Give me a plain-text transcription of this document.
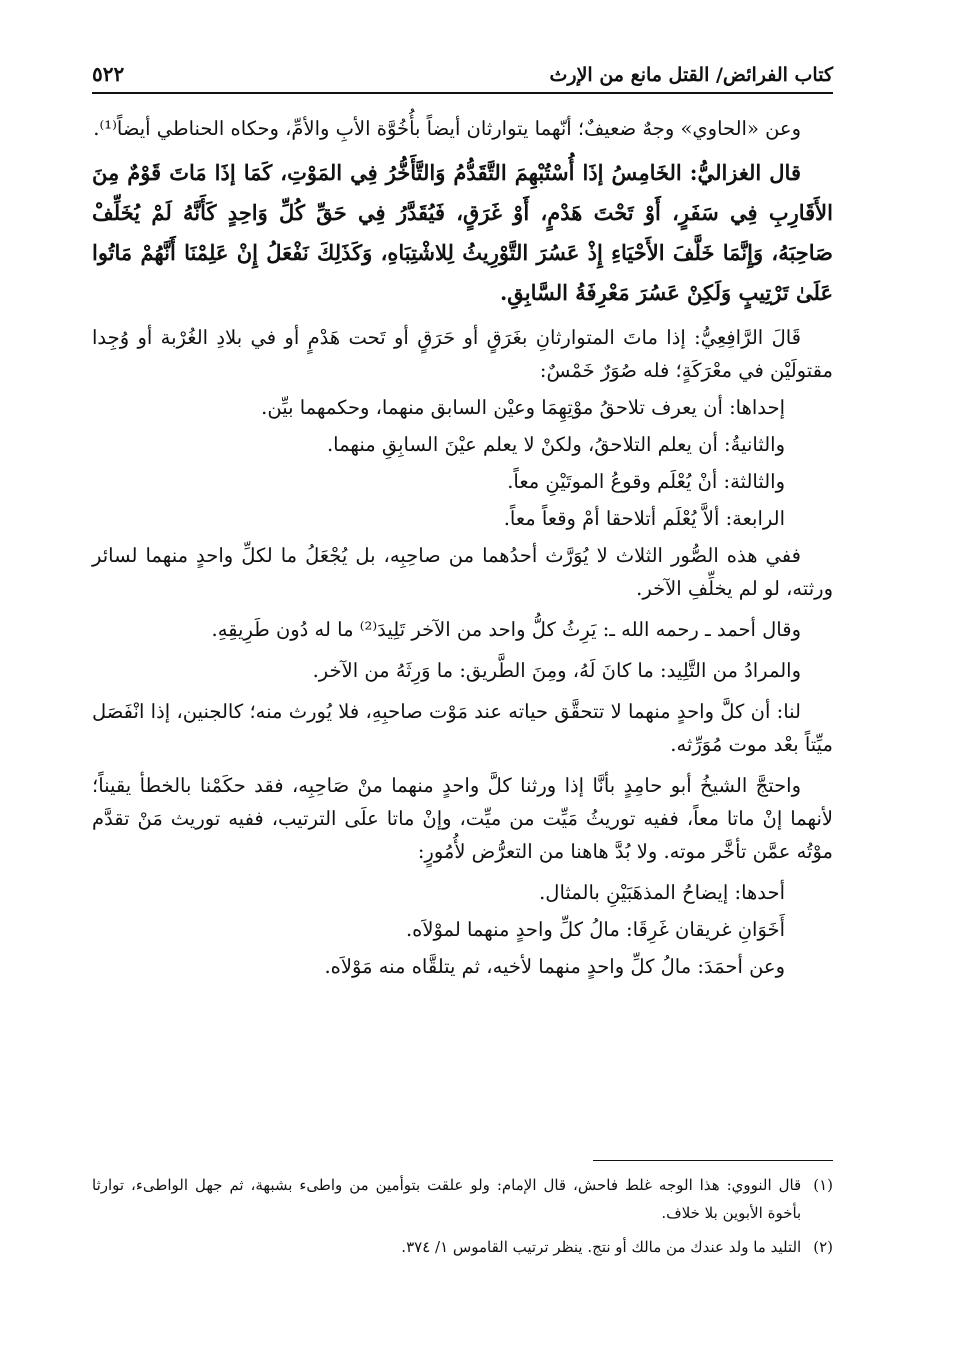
كتاب الفرائض/ القتل مانع من الإرث
٥٢٢

وعن «الحاوي» وجهٌ ضعيفٌ؛ أنّهما يتوارثان أيضاً بأُخُوَّة الأبِ والأمِّ، وحكاه الحناطي أيضاً⁽¹⁾.

قال الغزاليُّ: الخَامِسُ إذَا أُسْتُبْهِمَ التَّقَدُّمُ وَالتَّأَخُّرُ فِي المَوْتِ، كَمَا إذَا مَاتَ قَوْمٌ مِنَ الأَقَارِبِ فِي سَفَرٍ، أَوْ تَحْتَ هَدْمٍ، أَوْ غَرَقٍ، فَيُقَدَّرُ فِي حَقِّ كُلِّ وَاحِدٍ كَأَنَّهُ لَمْ يُخَلِّفْ صَاحِبَهُ، وَإِنَّمَا خَلَّفَ الأَحْيَاءِ إِذْ عَسُرَ التَّوْرِيثُ لِلاشْتِبَاهِ، وَكَذَلِكَ نَفْعَلُ إِنْ عَلِمْنَا أَنَّهُمْ مَاتُوا عَلَىٰ تَرْتِيبٍ وَلَكِنْ عَسُرَ مَعْرِفَةُ السَّابِقِ.

قَالَ الرَّافِعِيُّ: إذا ماتَ المتوارثانِ بغَرَقٍ أو حَرَقٍ أو تَحت هَدْمٍ أو في بلادِ الغُرْبة أو وُجِدا مقتولَيْن في معْرَكَةٍ؛ فله صُوَرٌ خَمْسٌ:

إحداها: أن يعرف تلاحقُ موْتِهِمَا وعيْن السابق منهما، وحكمهما بيِّن.

والثانيةُ: أن يعلم التلاحقُ، ولكنْ لا يعلم عيْنَ السابِقِ منهما.

والثالثة: أنْ يُعْلَم وقوعُ الموتَيْنِ معاً.

الرابعة: ألاَّ يُعْلَم أتلاحقا أمْ وقعاً معاً.

ففي هذه الصُّور الثلاث لا يُوَرَّث أحدُهما من صاحِبِه، بل يُجْعَلُ ما لكلِّ واحدٍ منهما لسائر ورثته، لو لم يخلِّفِ الآخر.

وقال أحمد ـ رحمه الله ـ: يَرِثُ كلُّ واحد من الآخر تَلِيدَ⁽²⁾ ما له دُون طَرِيقِهِ.

والمرادُ من التَّلِيد: ما كانَ لَهُ، ومِنَ الطَّريق: ما وَرِثَهُ من الآخر.

لنا: أن كلَّ واحدٍ منهما لا تتحقَّق حياته عند مَوْت صاحبِهِ، فلا يُورث منه؛ كالجنين، إذا انْفَصَل ميِّتاً بعْد موت مُوَرِّثه.

واحتجَّ الشيخُ أبو حامِدٍ بأنَّا إذا ورثنا كلَّ واحدٍ منهما منْ صَاحِبِه، فقد حكَمْنا بالخطأ يقيناً؛ لأنهما إنْ ماتا معاً، ففيه توريثُ مَيِّت من ميِّت، وإنْ ماتا علَى الترتيب، ففيه توريث مَنْ تقدَّم موْتُه عمَّن تأخَّر موته. ولا بُدَّ هاهنا من التعرُّض لأُمُورٍ:

أحدها: إيضاحُ المذهَبَيْنِ بالمثال.

أَخَوَانِ غريقان غَرِقَا: مالُ كلِّ واحدٍ منهما لموْلاَه.

وعن أحمَدَ: مالُ كلِّ واحدٍ منهما لأخيه، ثم يتلقَّاه منه مَوْلاَه.

(١)
قال النووي: هذا الوجه غلط فاحش، قال الإمام: ولو علقت بتوأمين من واطىء بشبهة، ثم جهل الواطىء، توارثا بأخوة الأبوين بلا خلاف.
(٢)
التليد ما ولد عندك من مالك أو نتج. ينظر ترتيب القاموس ١/ ٣٧٤.
